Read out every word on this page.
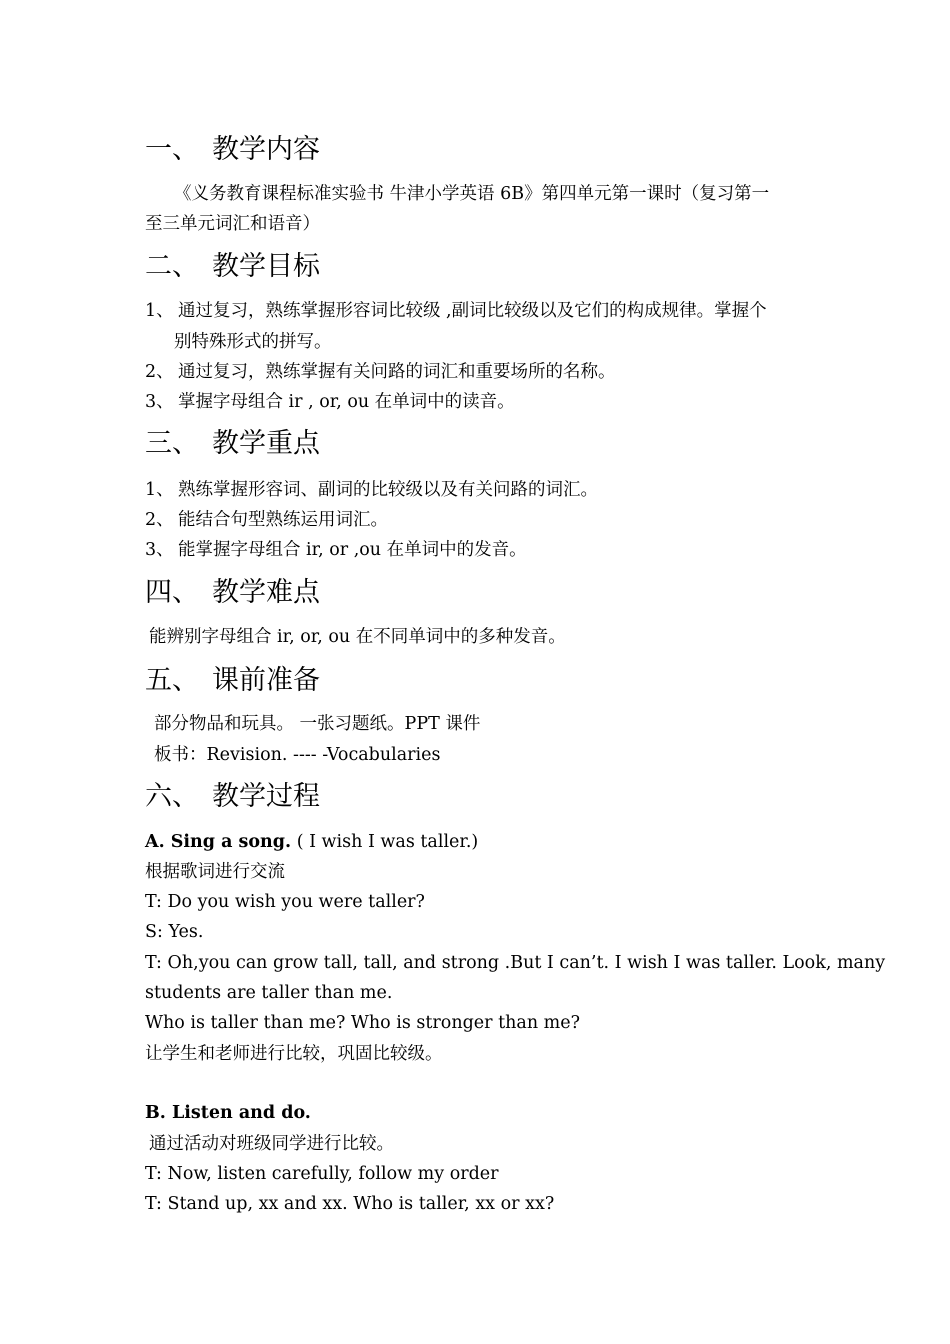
一、 教学内容
《义务教育课程标准实验书 牛津小学英语 6B》第四单元第一课时（复习第一
至三单元词汇和语音）
二、 教学目标
1、 通过复习，熟练掌握形容词比较级 ,副词比较级以及它们的构成规律。掌握个
别特殊形式的拼写。
2、 通过复习，熟练掌握有关问路的词汇和重要场所的名称。
3、 掌握字母组合 ir , or, ou 在单词中的读音。
三、 教学重点
1、 熟练掌握形容词、副词的比较级以及有关问路的词汇。
2、 能结合句型熟练运用词汇。
3、 能掌握字母组合 ir, or ,ou 在单词中的发音。
四、 教学难点
能辨别字母组合 ir, or, ou 在不同单词中的多种发音。
五、 课前准备
部分物品和玩具。 一张习题纸。PPT 课件
板书：Revision. ---- -Vocabularies
六、 教学过程
A. Sing a song. ( I wish I was taller.)
根据歌词进行交流
T: Do you wish you were taller?
S: Yes.
T: Oh,you can grow tall, tall, and strong .But I can’t. I wish I was taller. Look, many
students are taller than me.
Who is taller than me? Who is stronger than me?
让学生和老师进行比较，巩固比较级。
B. Listen and do.
通过活动对班级同学进行比较。
T: Now, listen carefully, follow my order
T: Stand up, xx and xx. Who is taller, xx or xx?
